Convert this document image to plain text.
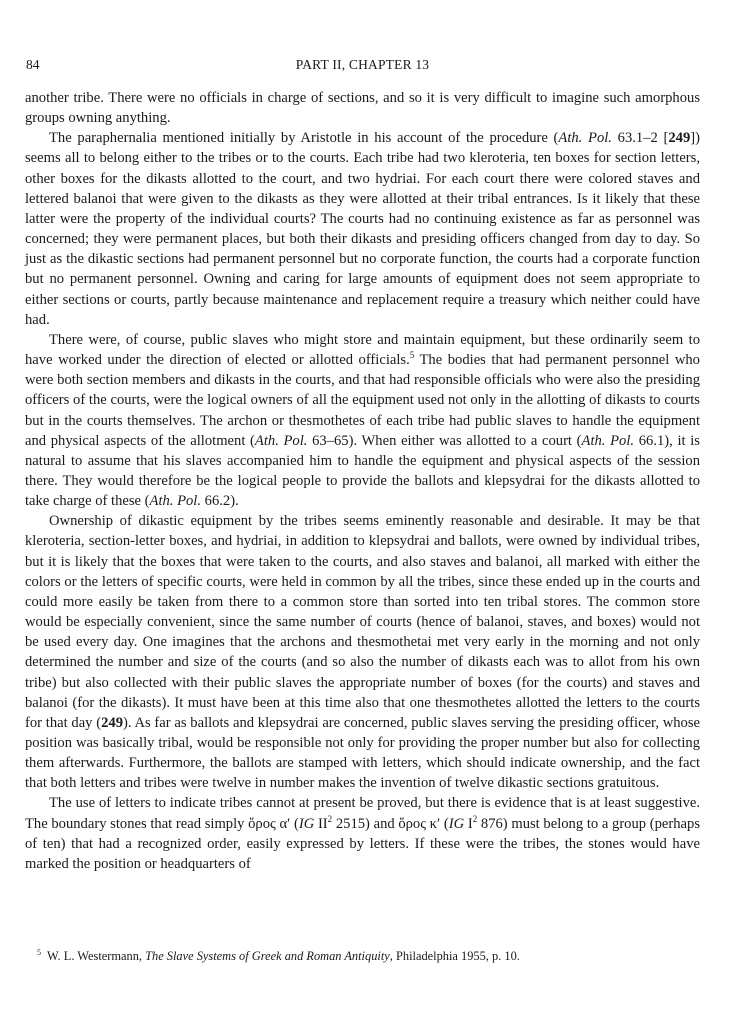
84	PART II, CHAPTER 13

another tribe. There were no officials in charge of sections, and so it is very difficult to imagine such amorphous groups owning anything.

The paraphernalia mentioned initially by Aristotle in his account of the procedure (Ath. Pol. 63.1–2 [249]) seems all to belong either to the tribes or to the courts. Each tribe had two kleroteria, ten boxes for section letters, other boxes for the dikasts allotted to the court, and two hydriai. For each court there were colored staves and lettered balanoi that were given to the dikasts as they were allotted at their tribal entrances. Is it likely that these latter were the property of the individual courts? The courts had no continuing existence as far as personnel was concerned; they were permanent places, but both their dikasts and presiding officers changed from day to day. So just as the dikastic sections had permanent personnel but no corporate function, the courts had a corporate function but no permanent personnel. Owning and caring for large amounts of equipment does not seem appropriate to either sections or courts, partly because maintenance and replacement require a treasury which neither could have had.

There were, of course, public slaves who might store and maintain equipment, but these ordinarily seem to have worked under the direction of elected or allotted officials.$^5$ The bodies that had permanent personnel who were both section members and dikasts in the courts, and that had responsible officials who were also the presiding officers of the courts, were the logical owners of all the equipment used not only in the allotting of dikasts to courts but in the courts themselves. The archon or thesmothetes of each tribe had public slaves to handle the equipment and physical aspects of the allotment (Ath. Pol. 63–65). When either was allotted to a court (Ath. Pol. 66.1), it is natural to assume that his slaves accompanied him to handle the equipment and physical aspects of the session there. They would therefore be the logical people to provide the ballots and klepsydrai for the dikasts allotted to take charge of these (Ath. Pol. 66.2).

Ownership of dikastic equipment by the tribes seems eminently reasonable and desirable. It may be that kleroteria, section-letter boxes, and hydriai, in addition to klepsydrai and ballots, were owned by individual tribes, but it is likely that the boxes that were taken to the courts, and also staves and balanoi, all marked with either the colors or the letters of specific courts, were held in common by all the tribes, since these ended up in the courts and could more easily be taken from there to a common store than sorted into ten tribal stores. The common store would be especially convenient, since the same number of courts (hence of balanoi, staves, and boxes) would not be used every day. One imagines that the archons and thesmothetai met very early in the morning and not only determined the number and size of the courts (and so also the number of dikasts each was to allot from his own tribe) but also collected with their public slaves the appropriate number of boxes (for the courts) and staves and balanoi (for the dikasts). It must have been at this time also that one thesmothetes allotted the letters to the courts for that day (249). As far as ballots and klepsydrai are concerned, public slaves serving the presiding officer, whose position was basically tribal, would be responsible not only for providing the proper number but also for collecting them afterwards. Furthermore, the ballots are stamped with letters, which should indicate ownership, and the fact that both letters and tribes were twelve in number makes the invention of twelve dikastic sections gratuitous.

The use of letters to indicate tribes cannot at present be proved, but there is evidence that is at least suggestive. The boundary stones that read simply ὅρος α′ (IG $II^2$ 2515) and ὅρος κ′ (IG $I^2$ 876) must belong to a group (perhaps of ten) that had a recognized order, easily expressed by letters. If these were the tribes, the stones would have marked the position or headquarters of

$^5$ W. L. Westermann, The Slave Systems of Greek and Roman Antiquity, Philadelphia 1955, p. 10.
